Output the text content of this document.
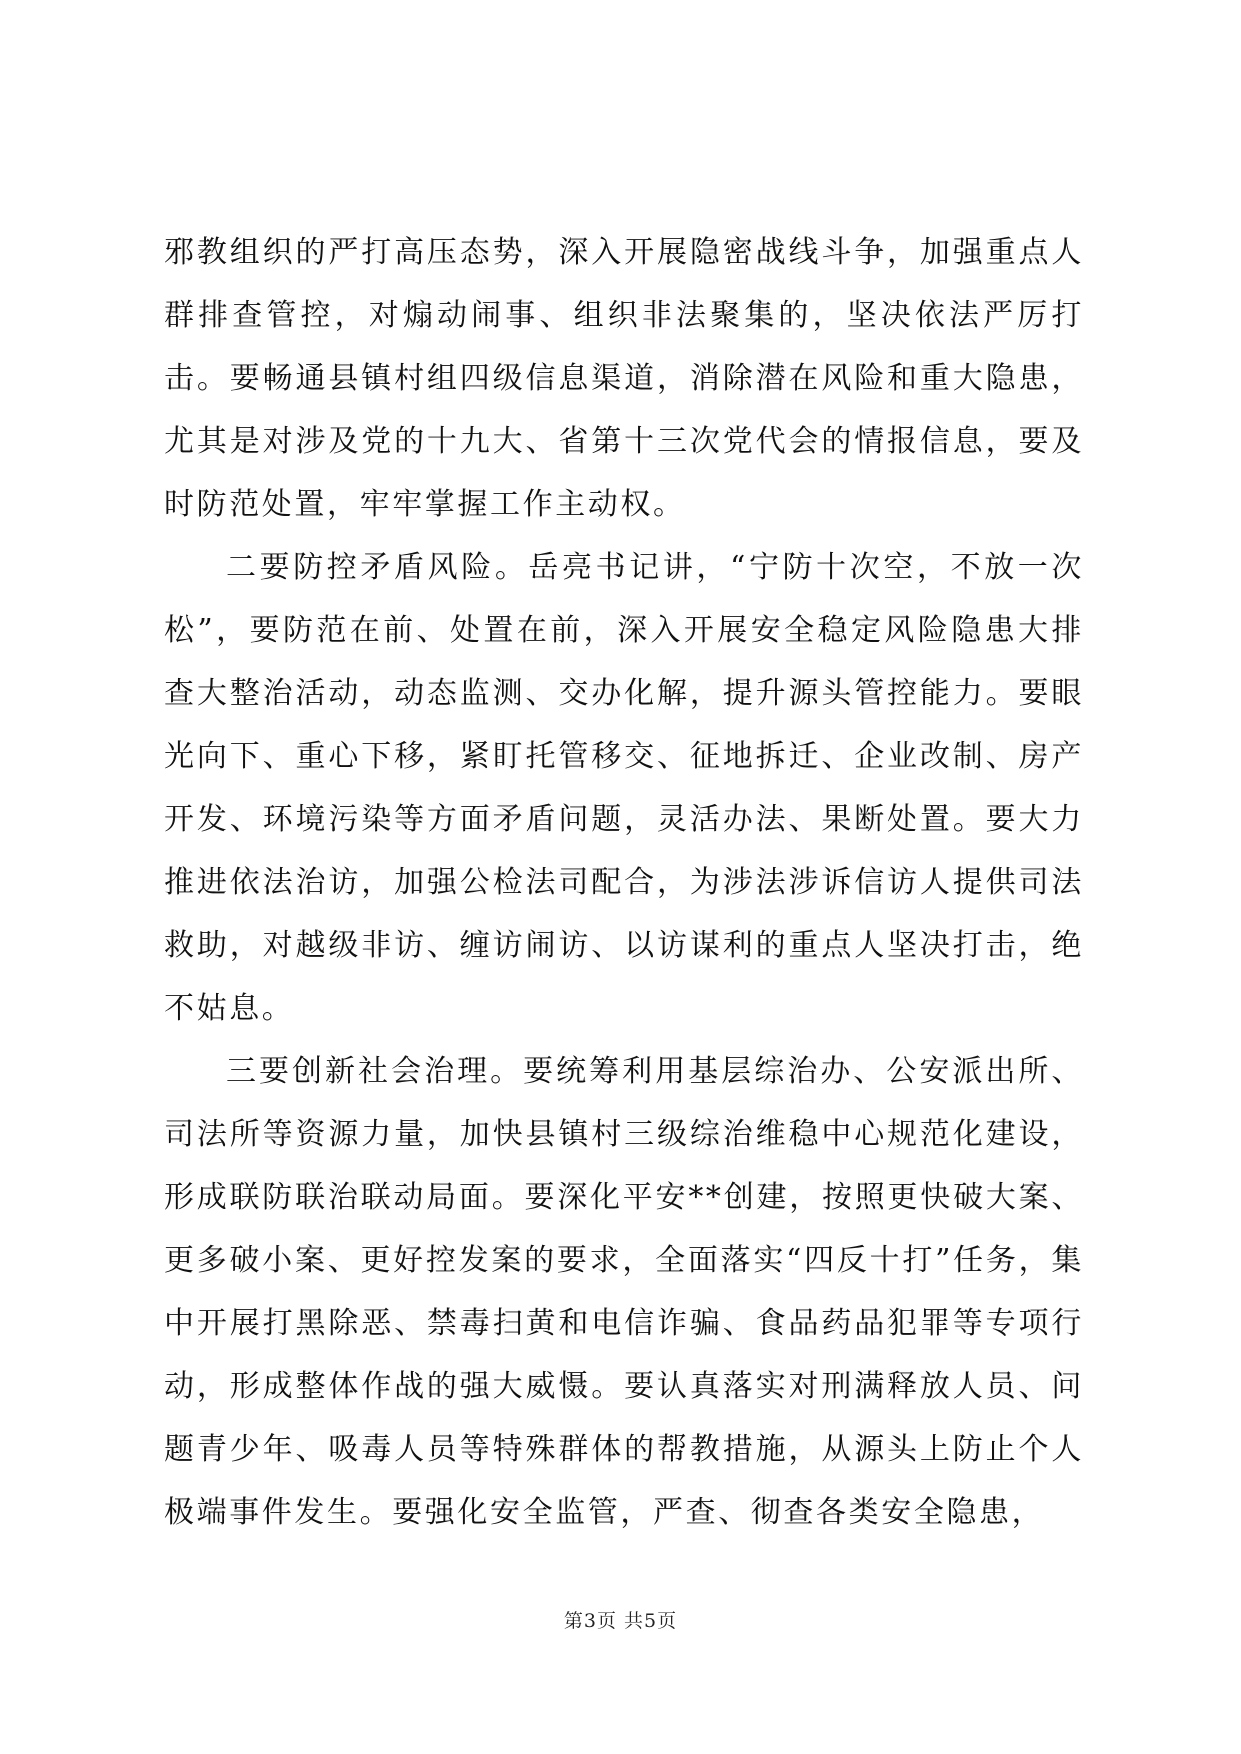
邪教组织的严打高压态势，深入开展隐密战线斗争，加强重点人群排查管控，对煽动闹事、组织非法聚集的，坚决依法严厉打击。要畅通县镇村组四级信息渠道，消除潜在风险和重大隐患，尤其是对涉及党的十九大、省第十三次党代会的情报信息，要及时防范处置，牢牢掌握工作主动权。

二要防控矛盾风险。岳亮书记讲，“宁防十次空，不放一次松”，要防范在前、处置在前，深入开展安全稳定风险隐患大排查大整治活动，动态监测、交办化解，提升源头管控能力。要眼光向下、重心下移，紧盯托管移交、征地拆迁、企业改制、房产开发、环境污染等方面矛盾问题，灵活办法、果断处置。要大力推进依法治访，加强公检法司配合，为涉法涉诉信访人提供司法救助，对越级非访、缠访闹访、以访谋利的重点人坚决打击，绝不姑息。

三要创新社会治理。要统筹利用基层综治办、公安派出所、司法所等资源力量，加快县镇村三级综治维稳中心规范化建设，形成联防联治联动局面。要深化平安**创建，按照更快破大案、更多破小案、更好控发案的要求，全面落实“四反十打”任务，集中开展打黑除恶、禁毒扫黄和电信诈骗、食品药品犯罪等专项行动，形成整体作战的强大威慑。要认真落实对刑满释放人员、问题青少年、吸毒人员等特殊群体的帮教措施，从源头上防止个人极端事件发生。要强化安全监管，严查、彻查各类安全隐患，

第3页 共5页
